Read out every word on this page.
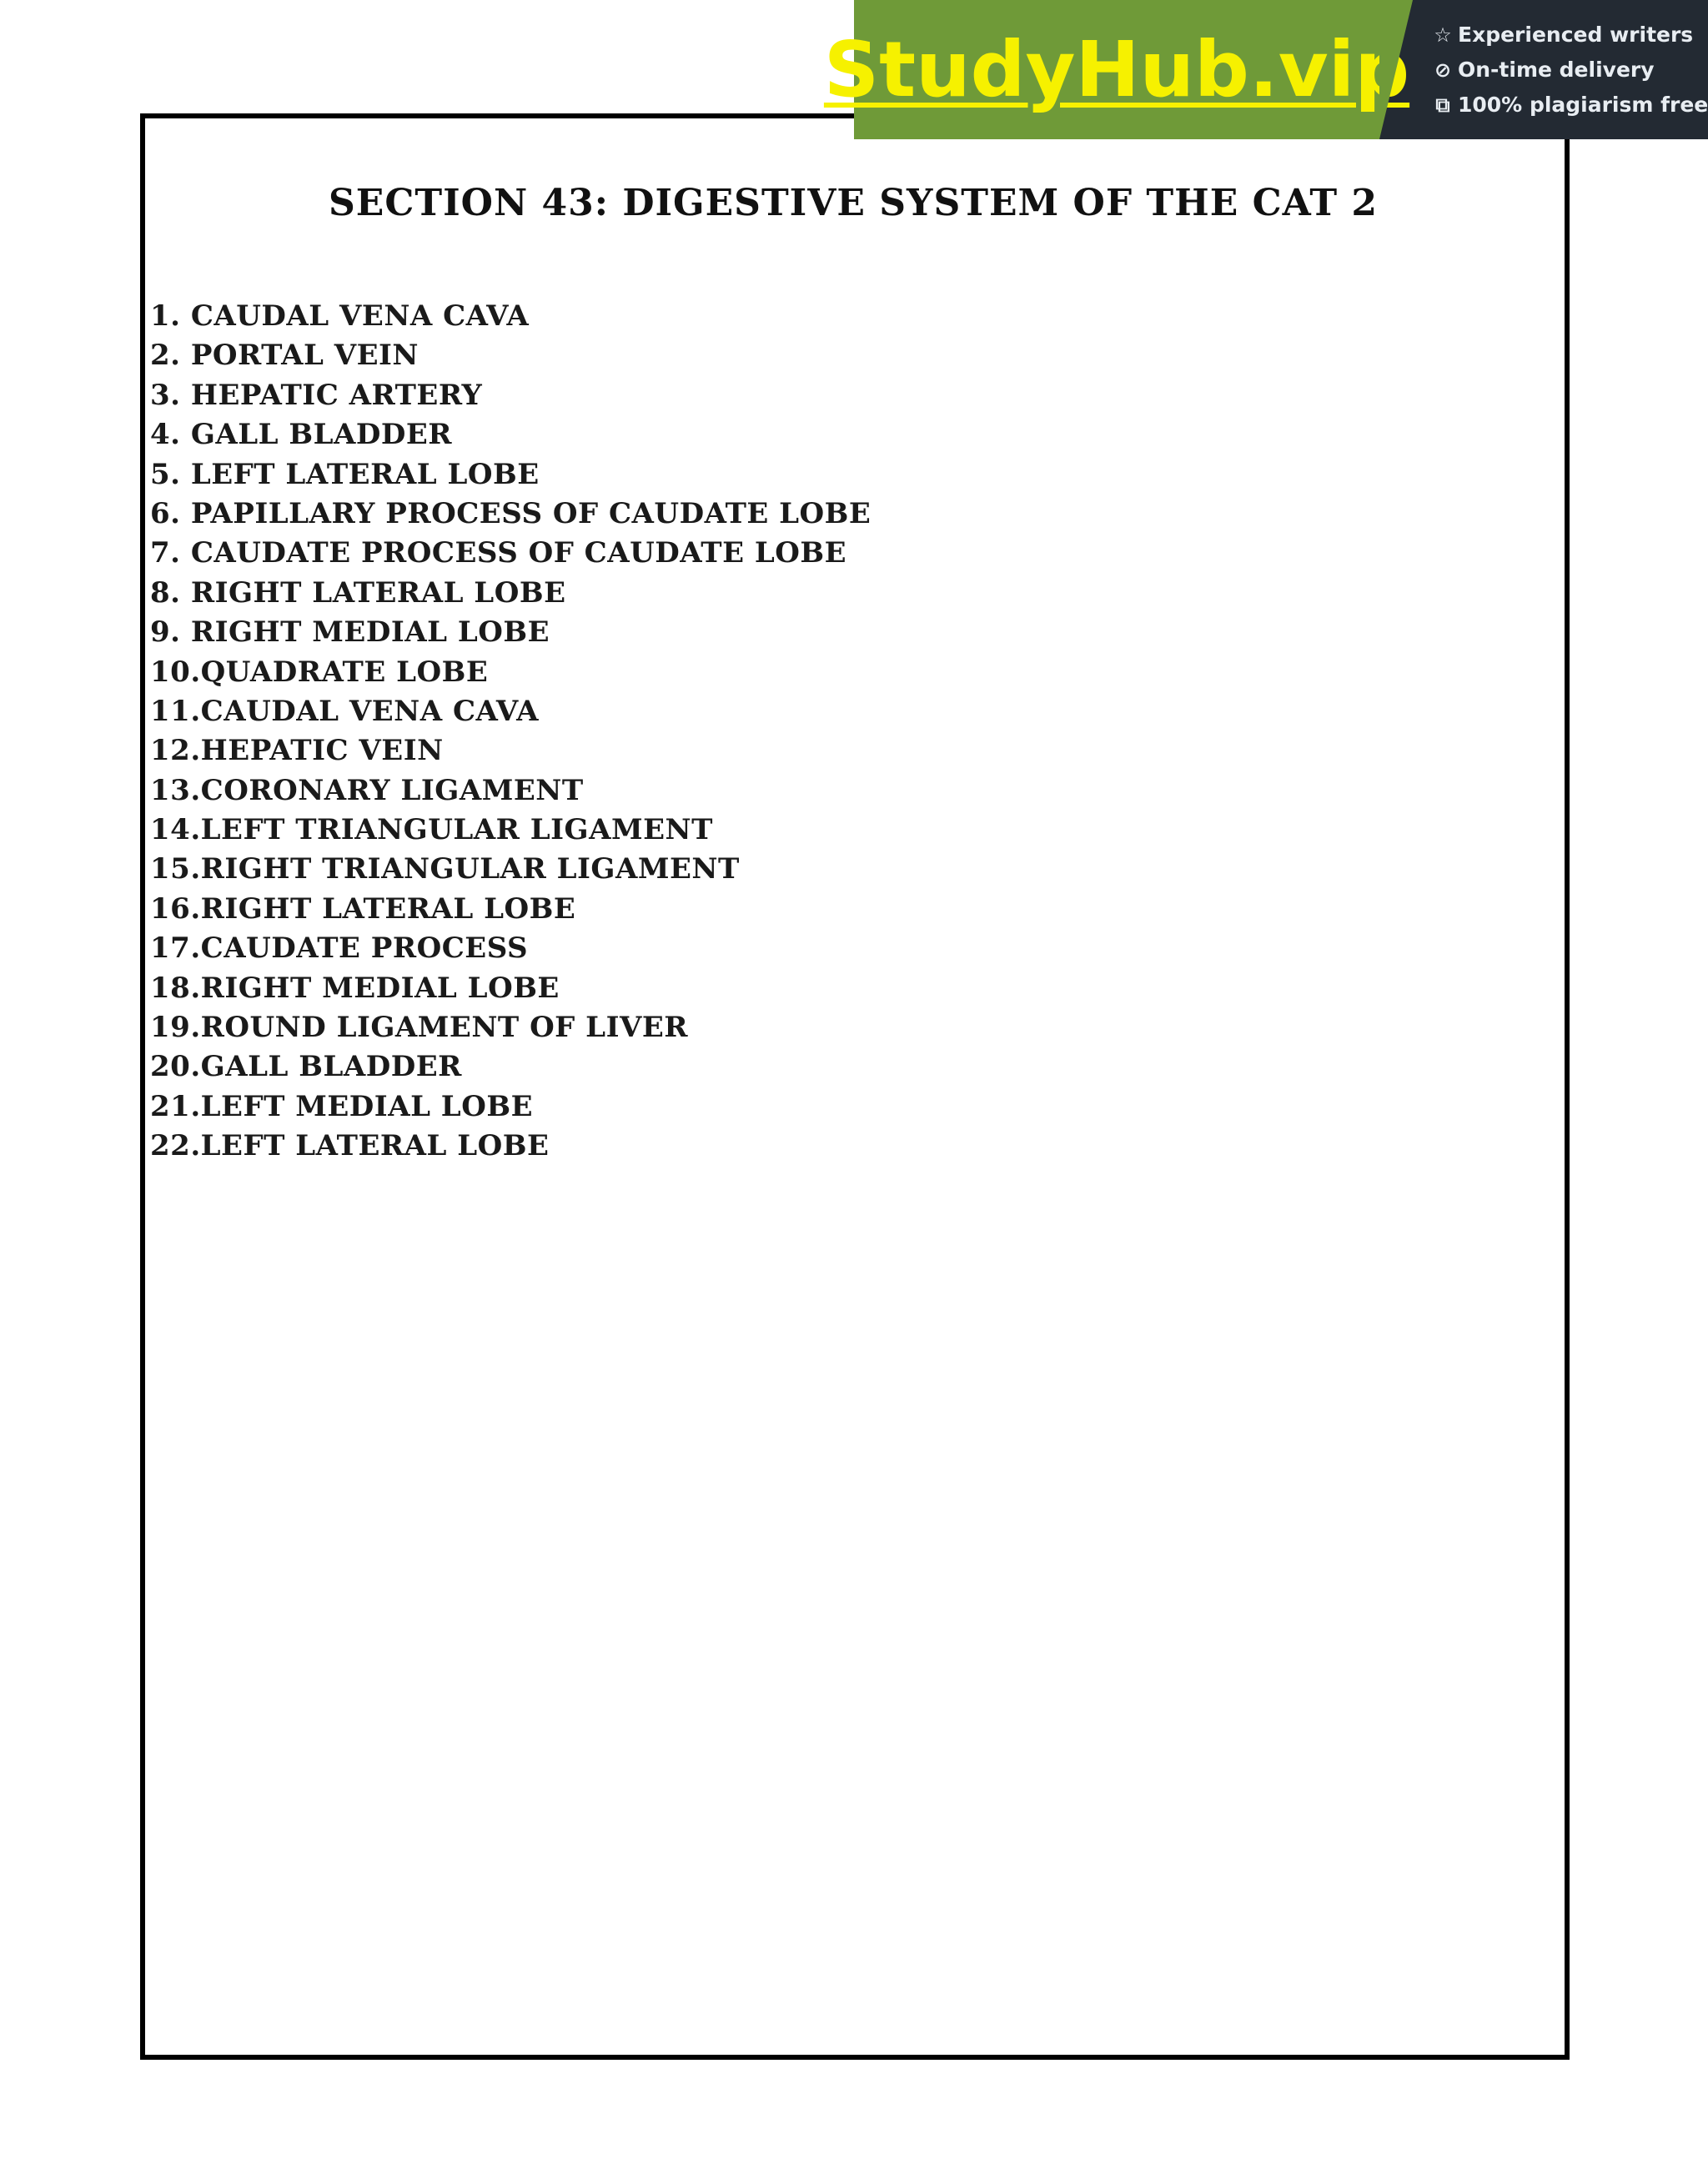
SECTION 43: DIGESTIVE SYSTEM OF THE CAT 2
1. CAUDAL VENA CAVA
2. PORTAL VEIN
3. HEPATIC ARTERY
4. GALL BLADDER
5. LEFT LATERAL LOBE
6. PAPILLARY PROCESS OF CAUDATE LOBE
7. CAUDATE PROCESS OF CAUDATE LOBE
8. RIGHT LATERAL LOBE
9. RIGHT MEDIAL LOBE
10.QUADRATE LOBE
11.CAUDAL VENA CAVA
12.HEPATIC VEIN
13.CORONARY LIGAMENT
14.LEFT TRIANGULAR LIGAMENT
15.RIGHT TRIANGULAR LIGAMENT
16.RIGHT LATERAL LOBE
17.CAUDATE PROCESS
18.RIGHT MEDIAL LOBE
19.ROUND LIGAMENT OF LIVER
20.GALL BLADDER
21.LEFT MEDIAL LOBE
22.LEFT LATERAL LOBE
StudyHub.vip ☆ Experienced writers
⊘ On-time delivery
⧉ 100% plagiarism free
